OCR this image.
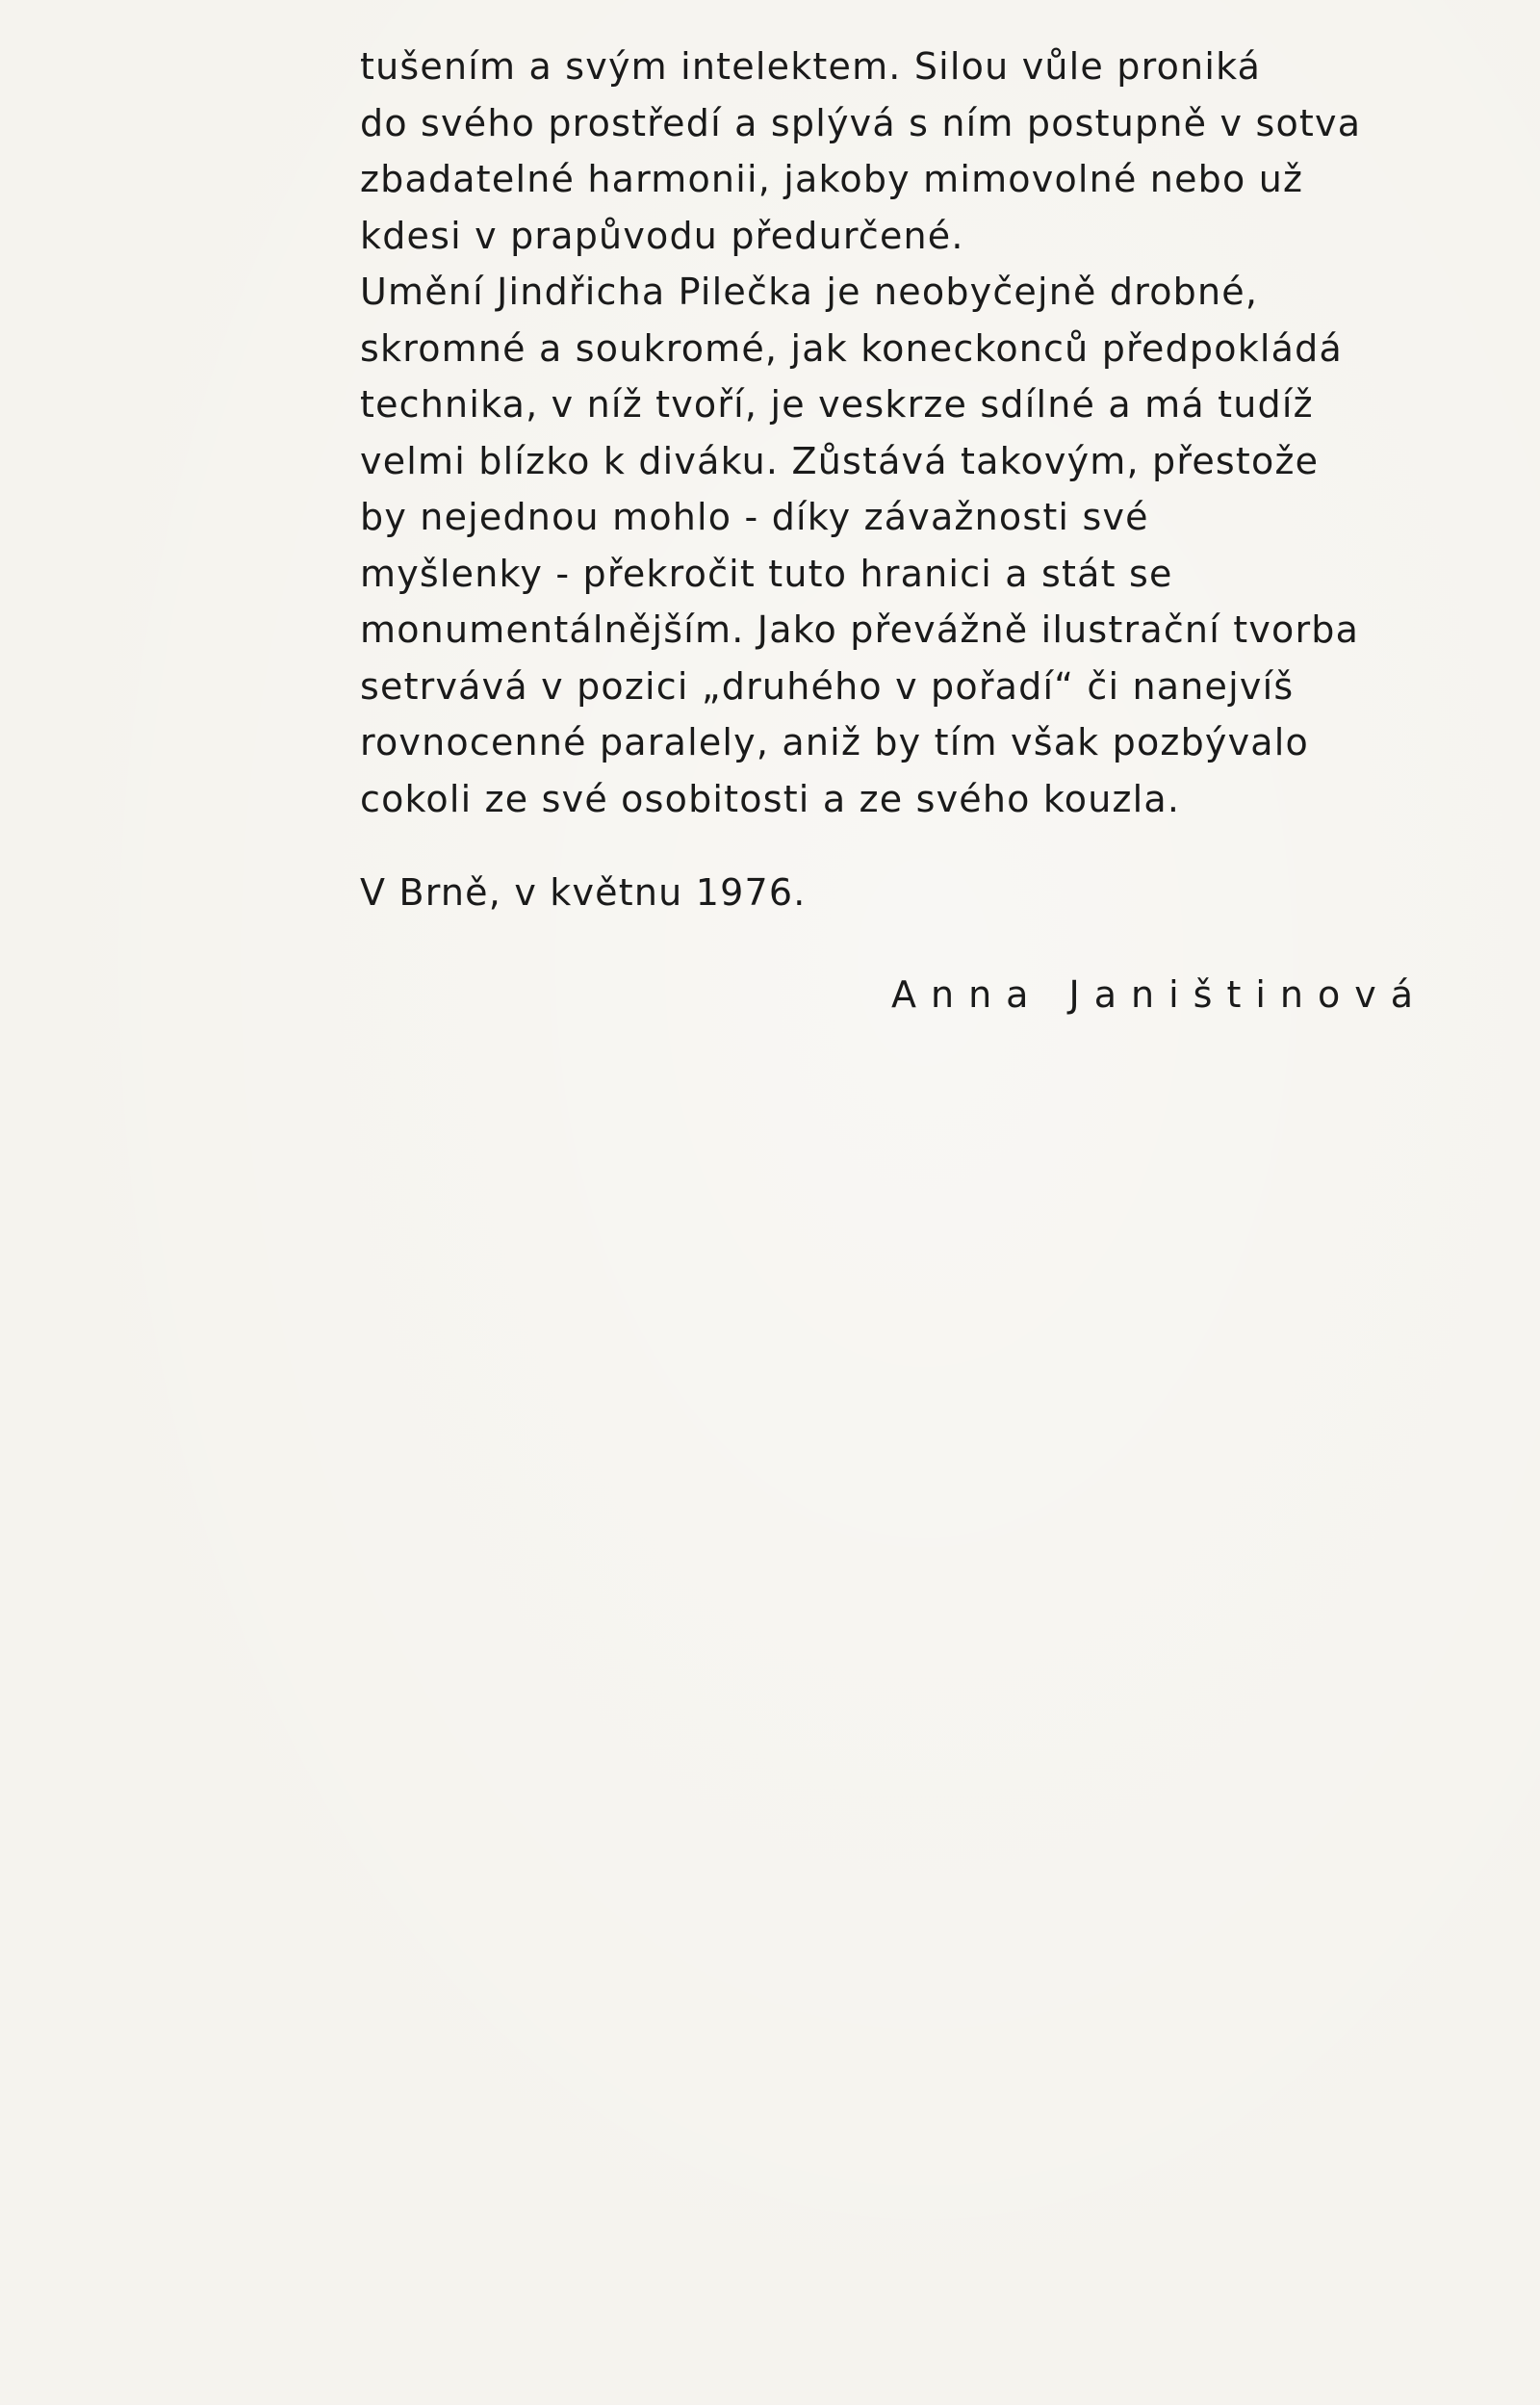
tušením a svým intelektem. Silou vůle proniká
do svého prostředí a splývá s ním postupně v sotva
zbadatelné harmonii, jakoby mimovolné nebo už
kdesi v prapůvodu předurčené.
Umění Jindřicha Pilečka je neobyčejně drobné,
skromné a soukromé, jak koneckonců předpokládá
technika, v níž tvoří, je veskrze sdílné a má tudíž
velmi blízko k diváku. Zůstává takovým, přestože
by nejednou mohlo - díky závažnosti své
myšlenky - překročit tuto hranici a stát se
monumentálnějším. Jako převážně ilustrační tvorba
setrvává v pozici „druhého v pořadí“ či nanejvíš
rovnocenné paralely, aniž by tím však pozbývalo
cokoli ze své osobitosti a ze svého kouzla.
V Brně, v květnu 1976.
Anna Janištinová
